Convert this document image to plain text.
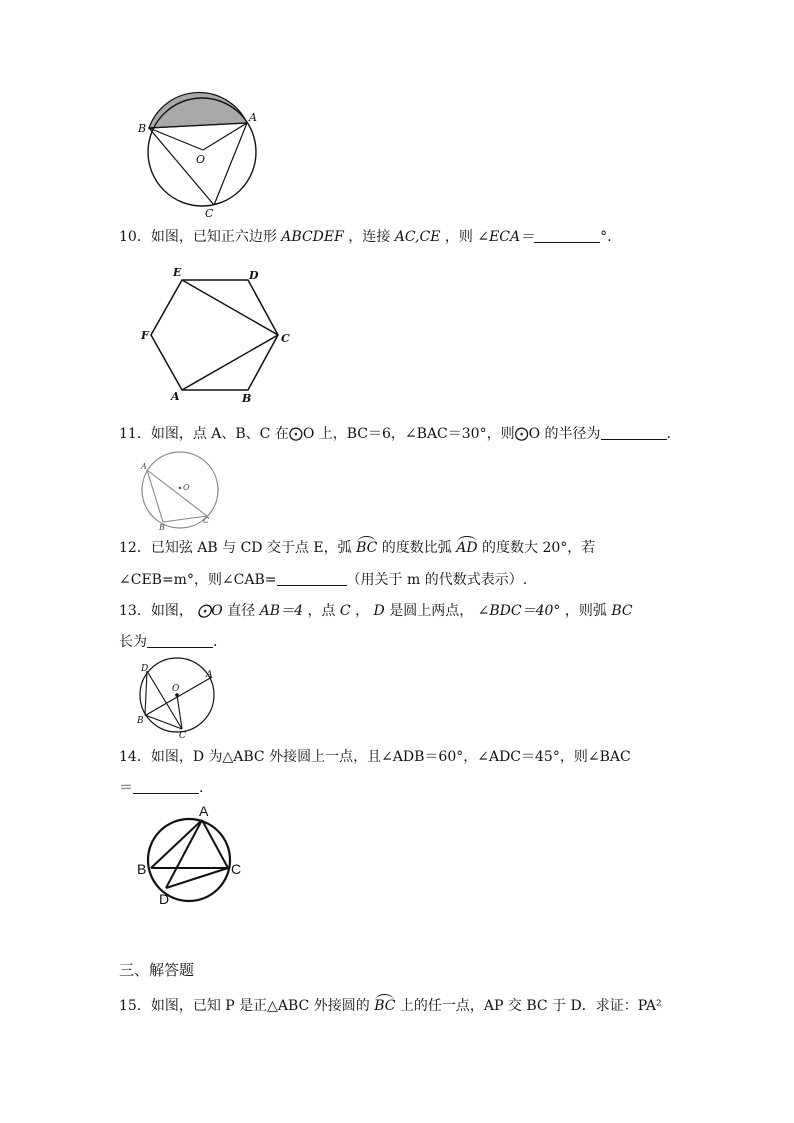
B
A
O
C
10．如图，已知正六边形 ABCDEF ，连接 AC,CE ，则 ∠ECA＝	°.
E	D
F	C
A	B
11．如图，点 A、B、C 在⨀O 上，BC＝6，∠BAC＝30°，则⨀O 的半径为	.
A
O
B
C
12．已知弦 AB 与 CD 交于点 E，弧 BC 的度数比弧 AD 的度数大 20°，若
∠CEB=m°，则∠CAB=	（用关于 m 的代数式表示）.
13．如图， ⨀O 直径 AB＝4 ，点 C ， D 是圆上两点， ∠BDC＝40° ，则弧 BC
长为	.
D
O
A
B
C
14．如图，D 为△ABC 外接圆上一点，且∠ADB＝60°，∠ADC＝45°，则∠BAC
＝	.
A
B	C
D
三、解答题
15．如图，已知 P 是正△ABC 外接圆的 BC 上的任一点，AP 交 BC 于 D．求证：PA²
